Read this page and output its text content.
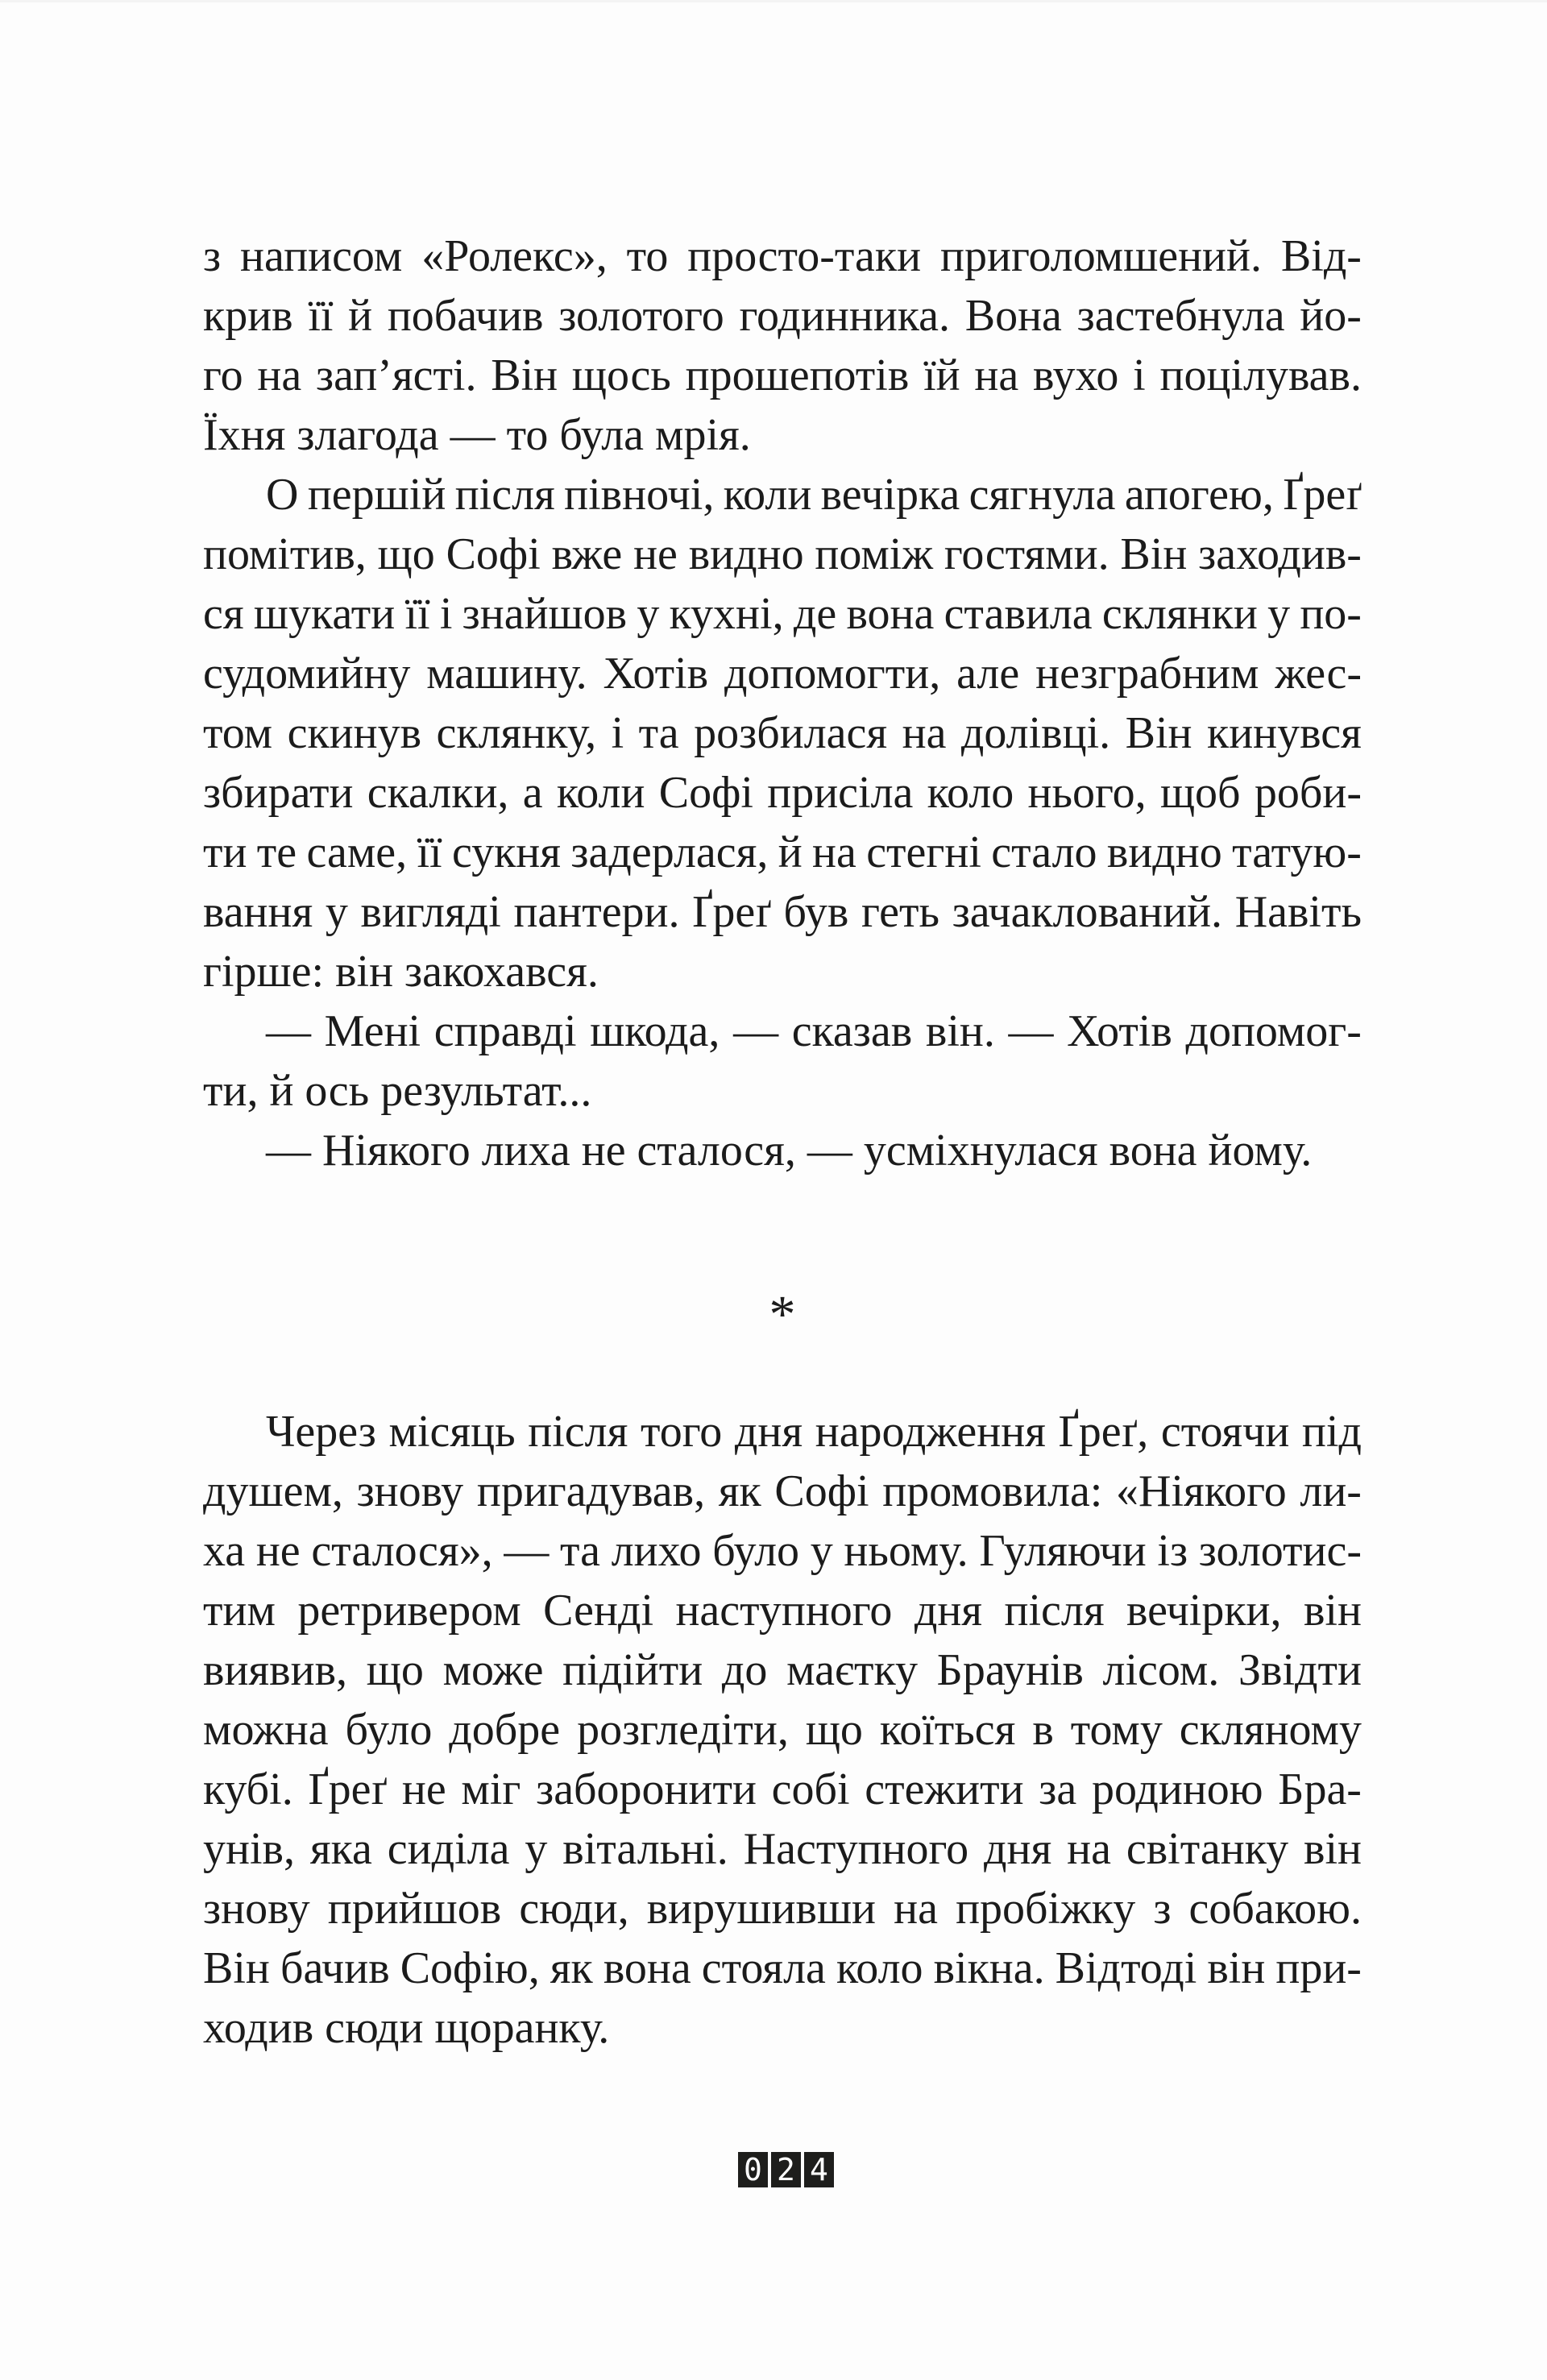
з написом «Ролекс», то просто-таки приголомшений. Від-
крив її й побачив золотого годинника. Вона застебнула йо-
го на зап’ясті. Він щось прошепотів їй на вухо і поцілував.
Їхня злагода — то була мрія.
О першій після півночі, коли вечірка сягнула апогею, Ґреґ
помітив, що Софі вже не видно поміж гостями. Він заходив-
ся шукати її і знайшов у кухні, де вона ставила склянки у по-
судомийну машину. Хотів допомогти, але незграбним жес-
том скинув склянку, і та розбилася на долівці. Він кинувся
збирати скалки, а коли Софі присіла коло нього, щоб роби-
ти те саме, її сукня задерлася, й на стегні стало видно татую-
вання у вигляді пантери. Ґреґ був геть зачаклований. Навіть
гірше: він закохався.
— Мені справді шкода, — сказав він. — Хотів допомог-
ти, й ось результат...
— Ніякого лиха не сталося, — усміхнулася вона йому.
*
Через місяць після того дня народження Ґреґ, стоячи під
душем, знову пригадував, як Софі промовила: «Ніякого ли-
ха не сталося», — та лихо було у ньому. Гуляючи із золотис-
тим ретривером Сенді наступного дня після вечірки, він
виявив, що може підійти до маєтку Браунів лісом. Звідти
можна було добре розгледіти, що коїться в тому скляному
кубі. Ґреґ не міг заборонити собі стежити за родиною Бра-
унів, яка сиділа у вітальні. Наступного дня на світанку він
знову прийшов сюди, вирушивши на пробіжку з собакою.
Він бачив Софію, як вона стояла коло вікна. Відтоді він при-
ходив сюди щоранку.
0 2 4
